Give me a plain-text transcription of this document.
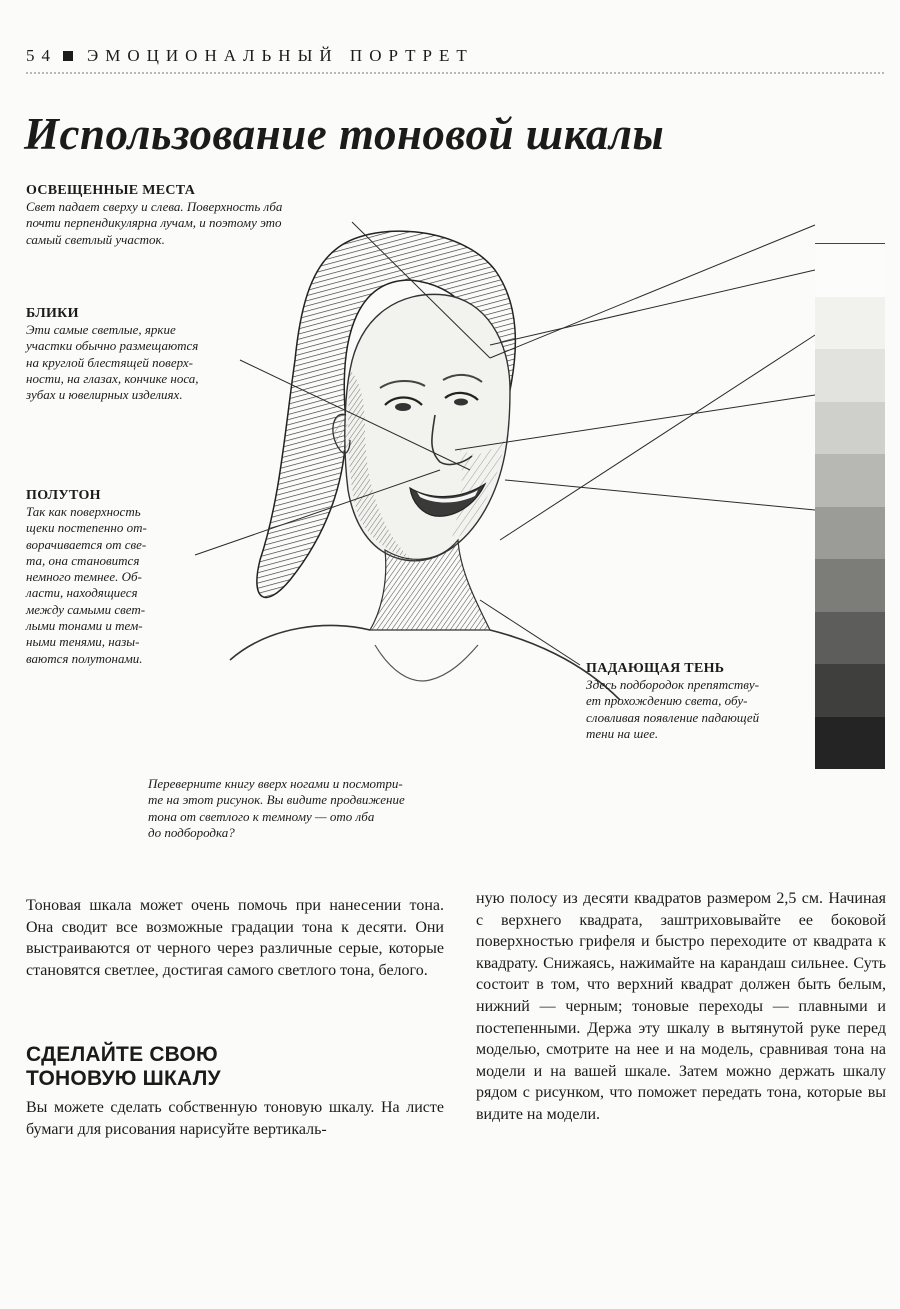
54 ЭМОЦИОНАЛЬНЫЙ ПОРТРЕТ
Использование тоновой шкалы
ОСВЕЩЕННЫЕ МЕСТА
Свет падает сверху и слева. Поверхность лба
почти перпендикулярна лучам, и поэтому это
самый светлый участок.
БЛИКИ
Эти самые светлые, яркие
участки обычно размещаются
на круглой блестящей поверх-
ности, на глазах, кончике носа,
зубах и ювелирных изделиях.
ПОЛУТОН
Так как поверхность
щеки постепенно от-
ворачивается от све-
та, она становится
немного темнее. Об-
ласти, находящиеся
между самыми свет-
лыми тонами и тем-
ными тенями, назы-
ваются полутонами.
ПАДАЮЩАЯ ТЕНЬ
Здесь подбородок препятству-
ет прохождению света, обу-
словливая появление падающей
тени на шее.
Переверните книгу вверх ногами и посмотри-
те на этот рисунок. Вы видите продвижение
тона от светлого к темному — ото лба
до подбородка?
Тоновая шкала может очень помочь при нанесении тона. Она сводит все возможные градации тона к десяти. Они выстраиваются от черного через различные серые, которые становятся светлее, достигая самого светлого тона, белого.
СДЕЛАЙТЕ СВОЮ
ТОНОВУЮ ШКАЛУ
Вы можете сделать собственную тоновую шкалу. На листе бумаги для рисования нарисуйте вертикаль-
ную полосу из десяти квадратов размером 2,5 см. Начиная с верхнего квадрата, заштриховывайте ее боковой поверхностью грифеля и быстро переходите от квадрата к квадрату. Снижаясь, нажимайте на карандаш сильнее. Суть состоит в том, что верхний квадрат должен быть белым, нижний — черным; тоновые переходы — плавными и постепенными. Держа эту шкалу в вытянутой руке перед моделью, смотрите на нее и на модель, сравнивая тона на модели и на вашей шкале. Затем можно держать шкалу рядом с рисунком, что поможет передать тона, которые вы видите на модели.
